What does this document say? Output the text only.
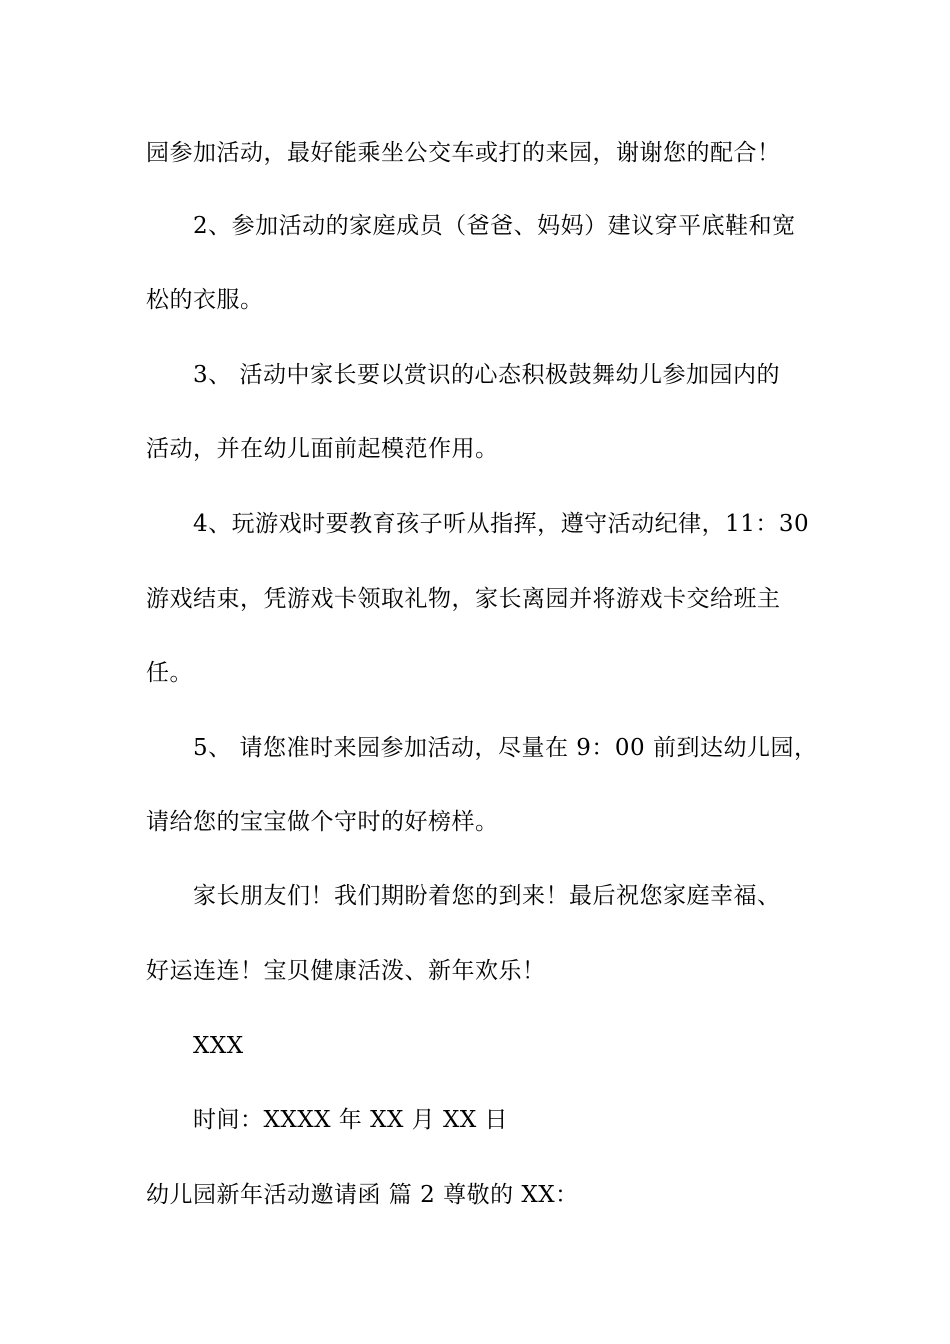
园参加活动，最好能乘坐公交车或打的来园，谢谢您的配合！
2、参加活动的家庭成员（爸爸、妈妈）建议穿平底鞋和宽
松的衣服。
3、 活动中家长要以赏识的心态积极鼓舞幼儿参加园内的
活动，并在幼儿面前起模范作用。
4、玩游戏时要教育孩子听从指挥，遵守活动纪律，11：30
游戏结束，凭游戏卡领取礼物，家长离园并将游戏卡交给班主
任。
5、 请您准时来园参加活动，尽量在 9：00 前到达幼儿园，
请给您的宝宝做个守时的好榜样。
家长朋友们！我们期盼着您的到来！最后祝您家庭幸福、
好运连连！宝贝健康活泼、新年欢乐！
XXX
时间：XXXX 年 XX 月 XX 日
幼儿园新年活动邀请函 篇 2 尊敬的 XX：
